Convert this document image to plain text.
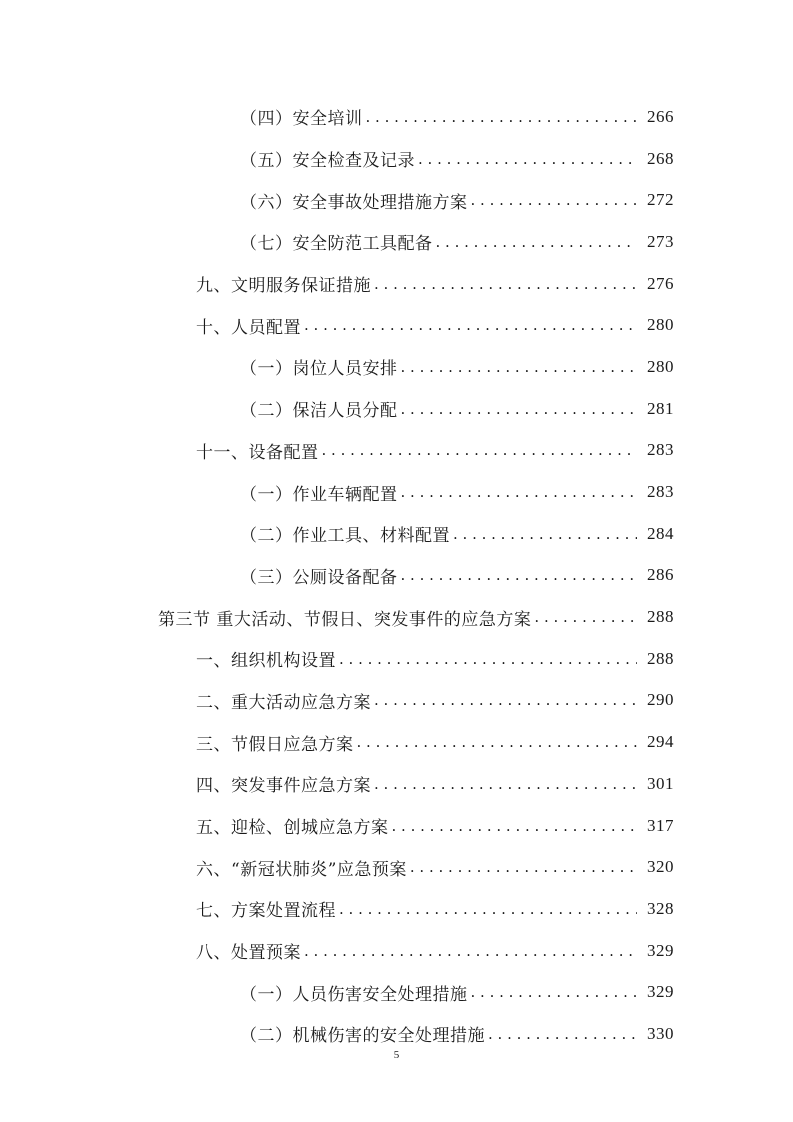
（四）安全培训 . . .	266
（五）安全检查及记录 . . .	268
（六）安全事故处理措施方案 . . .	272
（七）安全防范工具配备 . . .	273
九、文明服务保证措施 . . .	276
十、人员配置 . . .	280
（一）岗位人员安排 . . .	280
（二）保洁人员分配 . . .	281
十一、设备配置 . . .	283
（一）作业车辆配置 . . .	283
（二）作业工具、材料配置 . . .	284
（三）公厕设备配备 . . .	286
第三节 重大活动、节假日、突发事件的应急方案 . . .	288
一、组织机构设置 . . .	288
二、重大活动应急方案 . . .	290
三、节假日应急方案 . . .	294
四、突发事件应急方案 . . .	301
五、迎检、创城应急方案 . . .	317
六、“新冠状肺炎”应急预案 . . .	320
七、方案处置流程 . . .	328
八、处置预案 . . .	329
（一）人员伤害安全处理措施 . . .	329
（二）机械伤害的安全处理措施 . . .	330
5
